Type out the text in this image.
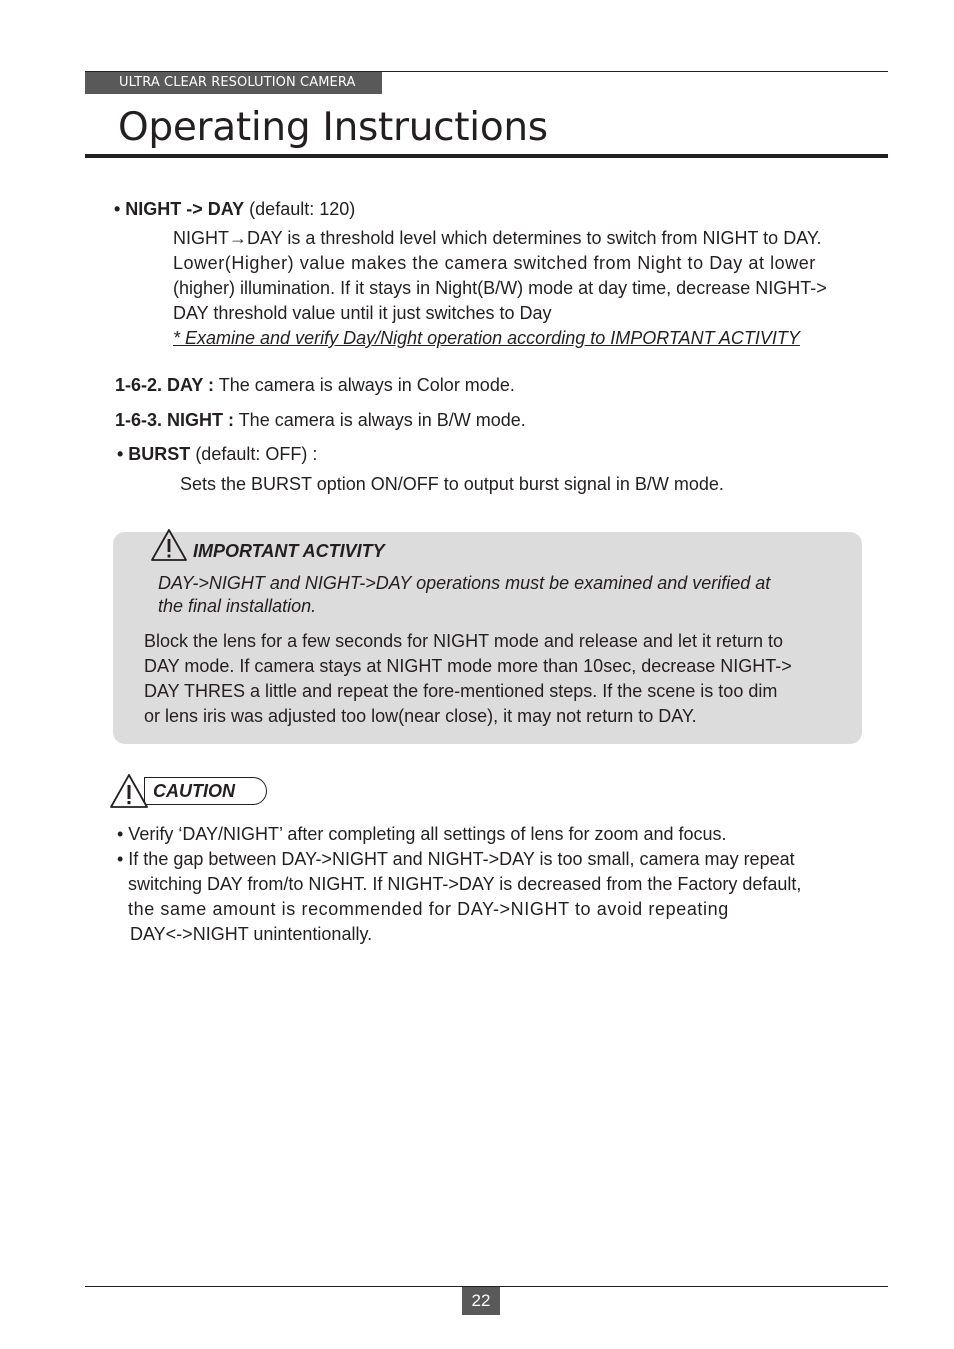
ULTRA CLEAR RESOLUTION CAMERA
Operating Instructions
• NIGHT -> DAY (default: 120)
NIGHT→DAY is a threshold level which determines to switch from NIGHT to DAY.
Lower(Higher) value makes the camera switched from Night to Day at lower
(higher) illumination. If it stays in Night(B/W) mode at day time, decrease NIGHT->
DAY threshold value until it just switches to Day
* Examine and verify Day/Night operation according to IMPORTANT ACTIVITY
1-6-2. DAY : The camera is always in Color mode.
1-6-3. NIGHT : The camera is always in B/W mode.
• BURST (default: OFF) :
Sets the BURST option ON/OFF to output burst signal in B/W mode.
IMPORTANT ACTIVITY
DAY->NIGHT and NIGHT->DAY operations must be examined and verified at
the final installation.
Block the lens for a few seconds for NIGHT mode and release and let it return to
DAY mode. If camera stays at NIGHT mode more than 10sec, decrease NIGHT->
DAY THRES a little and repeat the fore-mentioned steps. If the scene is too dim
or lens iris was adjusted too low(near close), it may not return to DAY.
CAUTION
• Verify ‘DAY/NIGHT’ after completing all settings of lens for zoom and focus.
• If the gap between DAY->NIGHT and NIGHT->DAY is too small, camera may repeat
switching DAY from/to NIGHT. If NIGHT->DAY is decreased from the Factory default,
the same amount is recommended for DAY->NIGHT to avoid repeating
DAY<->NIGHT unintentionally.
22
